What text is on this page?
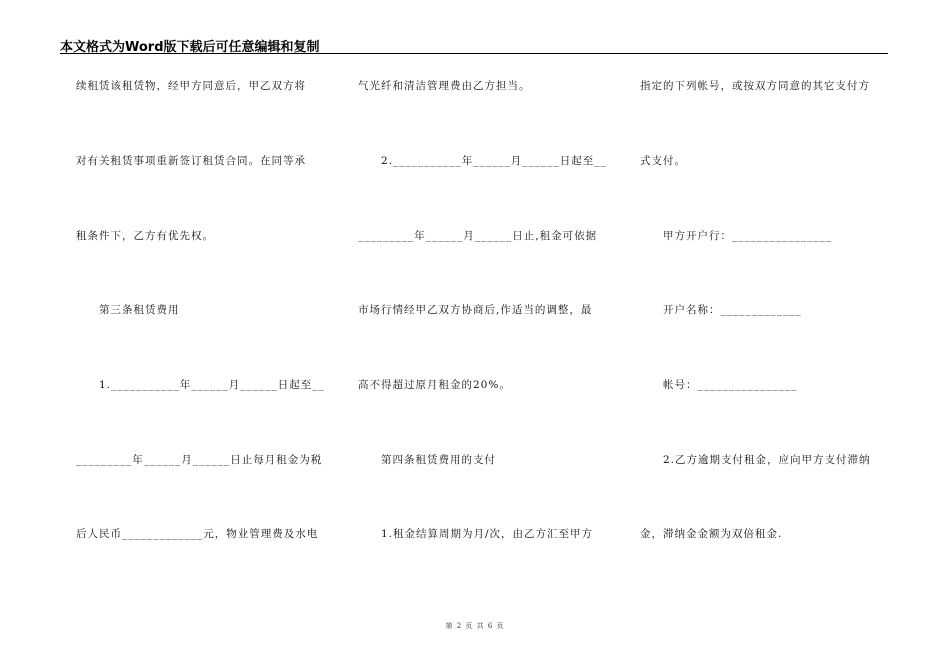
本文格式为Word版下载后可任意编辑和复制
续租赁该租赁物，经甲方同意后，甲乙双方将
对有关租赁事项重新签订租赁合同。在同等承
租条件下，乙方有优先权。
　　第三条租赁费用
　　1.___________年______月______日起至__
_________年______月______日止每月租金为税
后人民币_____________元，物业管理费及水电
气光纤和清洁管理费由乙方担当。
　　2.___________年______月______日起至__
_________年______月______日止,租金可依据
市场行情经甲乙双方协商后,作适当的调整，最
高不得超过原月租金的20%。
　　第四条租赁费用的支付
　　1.租金结算周期为月/次，由乙方汇至甲方
指定的下列帐号，或按双方同意的其它支付方
式支付。
　　甲方开户行：________________
　　开户名称：_____________
　　帐号：________________
　　2.乙方逾期支付租金，应向甲方支付滞纳
金，滞纳金金额为双倍租金.
第 2 页 共 6 页
